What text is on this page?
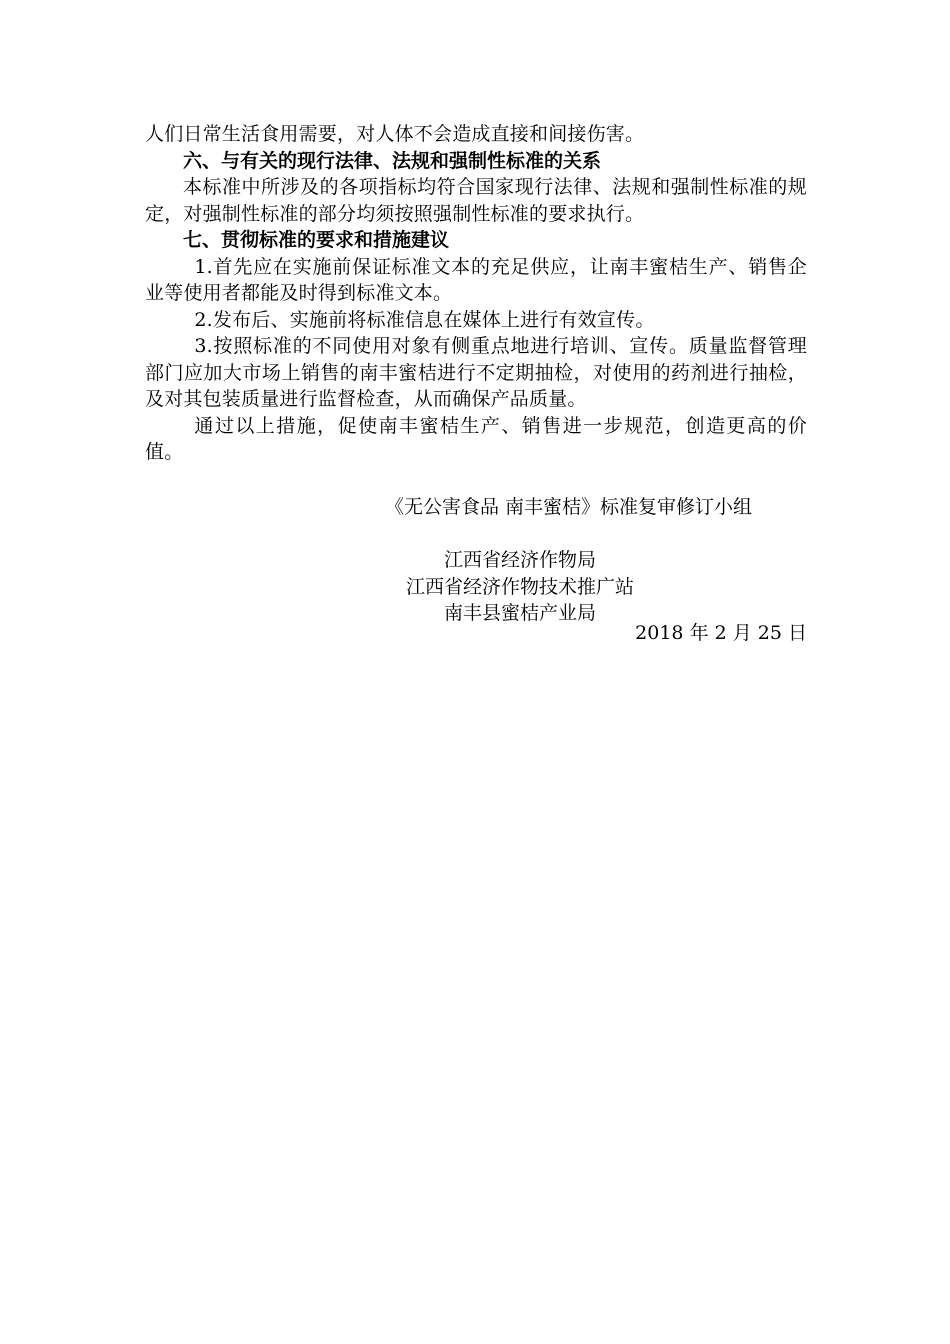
人们日常生活食用需要，对人体不会造成直接和间接伤害。

六、与有关的现行法律、法规和强制性标准的关系

本标准中所涉及的各项指标均符合国家现行法律、法规和强制性标准的规定，对强制性标准的部分均须按照强制性标准的要求执行。

七、贯彻标准的要求和措施建议

1.首先应在实施前保证标准文本的充足供应，让南丰蜜桔生产、销售企业等使用者都能及时得到标准文本。

2.发布后、实施前将标准信息在媒体上进行有效宣传。

3.按照标准的不同使用对象有侧重点地进行培训、宣传。质量监督管理部门应加大市场上销售的南丰蜜桔进行不定期抽检，对使用的药剂进行抽检，及对其包装质量进行监督检查，从而确保产品质量。

通过以上措施，促使南丰蜜桔生产、销售进一步规范，创造更高的价值。

《无公害食品 南丰蜜桔》标准复审修订小组
江西省经济作物局
江西省经济作物技术推广站
南丰县蜜桔产业局
2018 年 2 月 25 日
